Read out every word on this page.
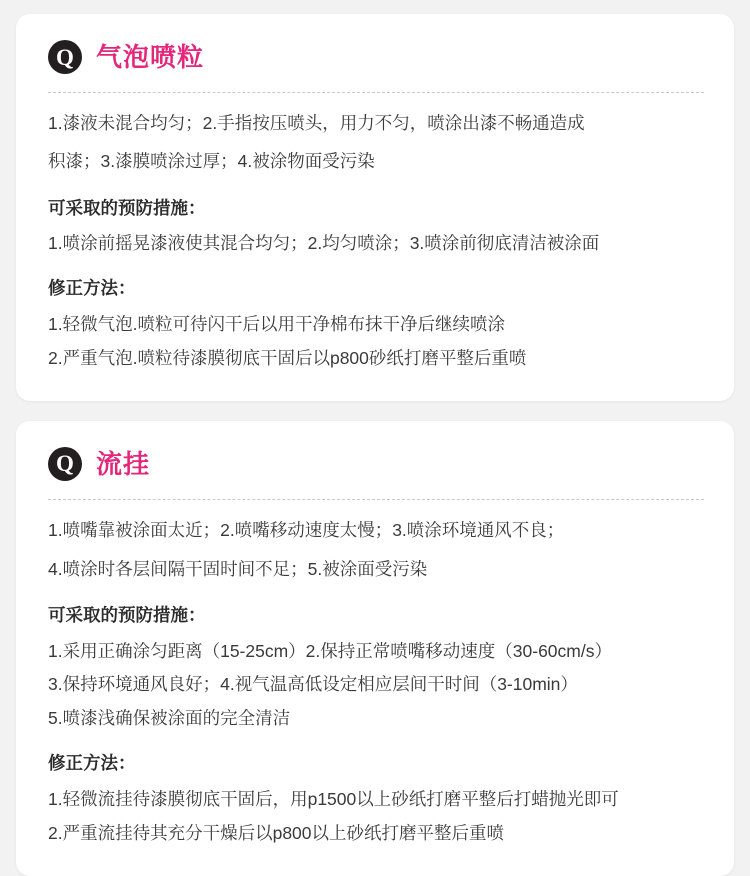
Q 气泡喷粒

1.漆液未混合均匀；2.手指按压喷头，用力不匀，喷涂出漆不畅通造成

积漆；3.漆膜喷涂过厚；4.被涂物面受污染

可采取的预防措施：

1.喷涂前摇晃漆液使其混合均匀；2.均匀喷涂；3.喷涂前彻底清洁被涂面

修正方法：

1.轻微气泡.喷粒可待闪干后以用干净棉布抹干净后继续喷涂

2.严重气泡.喷粒待漆膜彻底干固后以p800砂纸打磨平整后重喷

Q 流挂

1.喷嘴靠被涂面太近；2.喷嘴移动速度太慢；3.喷涂环境通风不良；

4.喷涂时各层间隔干固时间不足；5.被涂面受污染

可采取的预防措施：

1.采用正确涂匀距离（15-25cm）2.保持正常喷嘴移动速度（30-60cm/s）

3.保持环境通风良好；4.视气温高低设定相应层间干时间（3-10min）

5.喷漆浅确保被涂面的完全清洁

修正方法：

1.轻微流挂待漆膜彻底干固后，用p1500以上砂纸打磨平整后打蜡抛光即可

2.严重流挂待其充分干燥后以p800以上砂纸打磨平整后重喷
